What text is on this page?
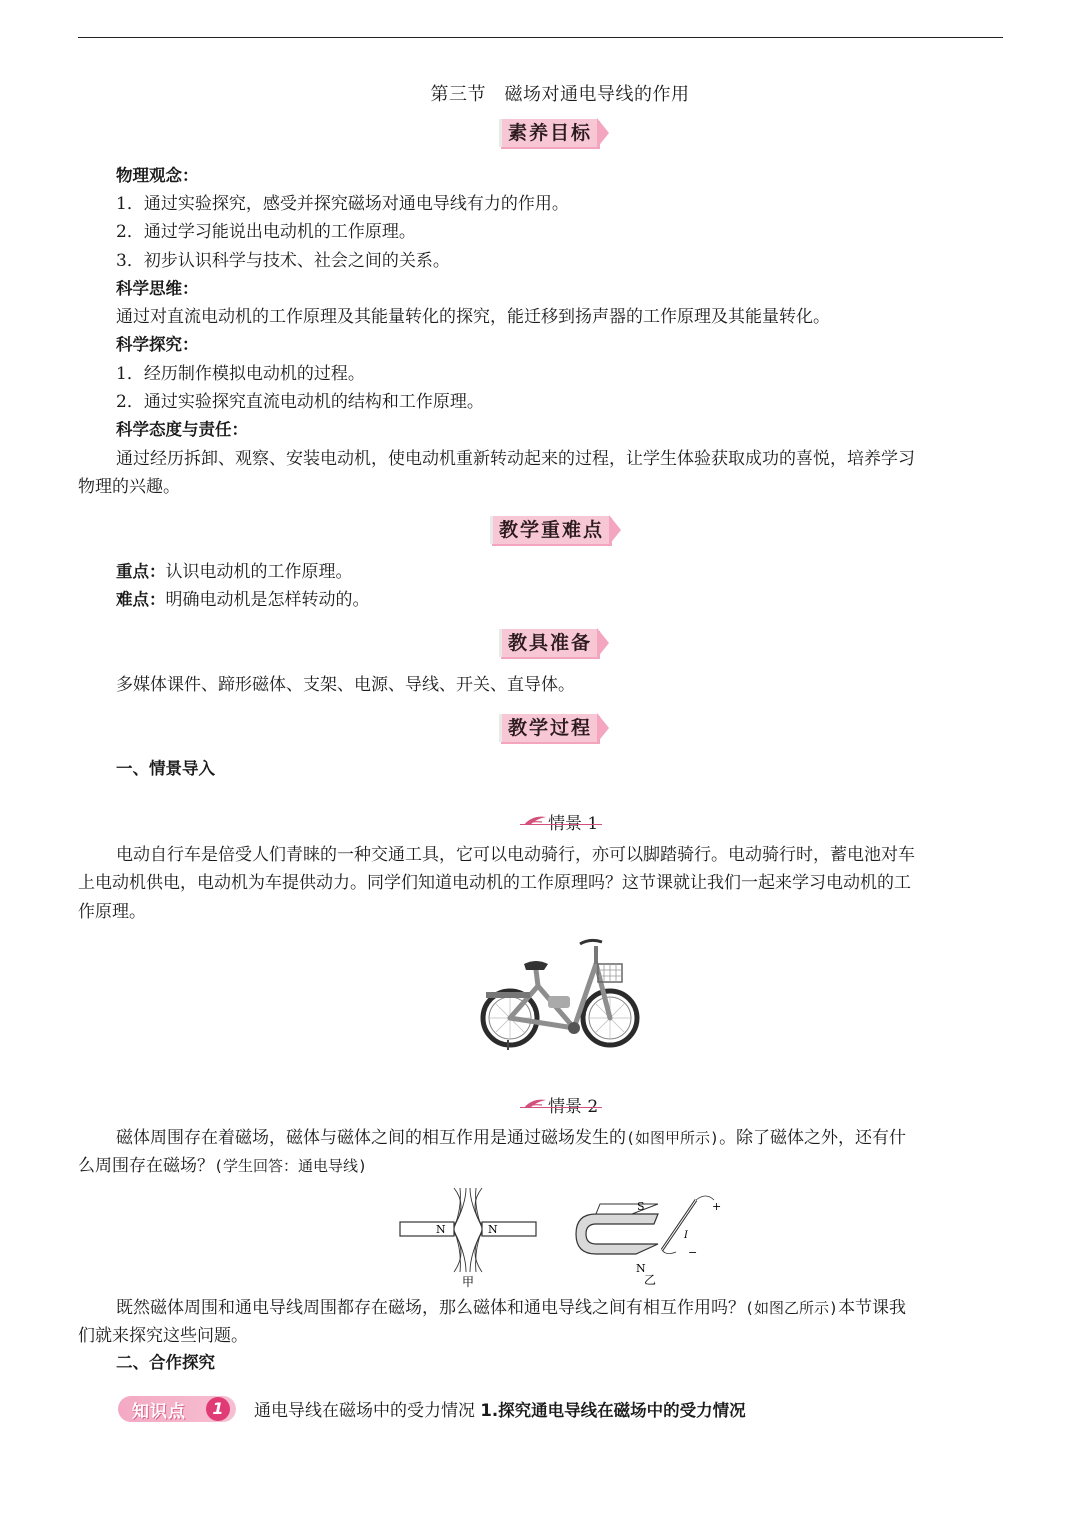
第三节　磁场对通电导线的作用
素养目标
物理观念：
1．通过实验探究，感受并探究磁场对通电导线有力的作用。
2．通过学习能说出电动机的工作原理。
3．初步认识科学与技术、社会之间的关系。
科学思维：
通过对直流电动机的工作原理及其能量转化的探究，能迁移到扬声器的工作原理及其能量转化。
科学探究：
1．经历制作模拟电动机的过程。
2．通过实验探究直流电动机的结构和工作原理。
科学态度与责任：
通过经历拆卸、观察、安装电动机，使电动机重新转动起来的过程，让学生体验获取成功的喜悦，培养学习
物理的兴趣。
教学重难点
重点：认识电动机的工作原理。
难点：明确电动机是怎样转动的。
教具准备
多媒体课件、蹄形磁体、支架、电源、导线、开关、直导体。
教学过程
一、情景导入
情景 1
电动自行车是倍受人们青睐的一种交通工具，它可以电动骑行，亦可以脚踏骑行。电动骑行时，蓄电池对车
上电动机供电，电动机为车提供动力。同学们知道电动机的工作原理吗？这节课就让我们一起来学习电动机的工
作原理。
情景 2
磁体周围存在着磁场，磁体与磁体之间的相互作用是通过磁场发生的(如图甲所示)。除了磁体之外，还有什
么周围存在磁场？(学生回答：通电导线)
N	N
甲
S
N
乙
+
−
I
既然磁体周围和通电导线周围都存在磁场，那么磁体和通电导线之间有相互作用吗？(如图乙所示)本节课我
们就来探究这些问题。
二、合作探究
知识点	1	通电导线在磁场中的受力情况 1.探究通电导线在磁场中的受力情况
